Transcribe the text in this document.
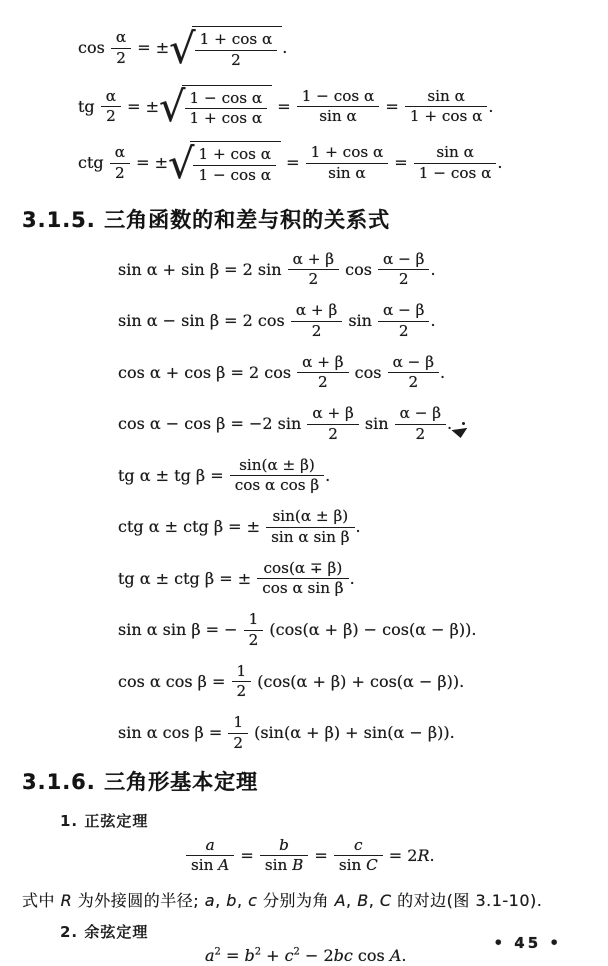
$\cos \frac{\alpha}{2}$ = ± √ $\frac{\text{1 + cos α}}{2}$ .
tg $\frac{\alpha}{2}$ = ± √ $\frac{\text{1 − cos α}}{\text{1 + cos α}} = \frac{\text{1 − cos α}}{\text{sin α}} = \frac{\text{sin α}}{\text{1 + cos α}}$ .
ctg $\frac{\alpha}{2}$ = ± √ $\frac{\text{1 + cos α}}{\text{1 − cos α}} = \frac{\text{1 + cos α}}{\text{sin α}} = \frac{\text{sin α}}{\text{1 − cos α}}$ .
3.1.5. 三角函数的和差与积的关系式
sin α + sin β = 2 $\sin \frac{\alpha + \beta}{2}$ $\cos \frac{\alpha - \beta}{2}$ .
sin α − sin β = 2 $\cos \frac{\alpha + \beta}{2}$ $\sin \frac{\alpha - \beta}{2}$ .
cos α + cos β = 2 $\cos \frac{\alpha + \beta}{2}$ $\cos \frac{\alpha - \beta}{2}$ .
cos α − cos β = −2 $\sin \frac{\alpha + \beta}{2}$ $\sin \frac{\alpha - \beta}{2}$ .
tg α ± tg $\beta = \frac{\sin(\alpha \pm \beta)}{\text{cos α cos β}}$ .
ctg α ± ctg β = ± $\frac{\sin(\alpha \pm \beta)}{\text{sin α sin β}}$ .
tg α ± ctg β = ± $\frac{\cos(\alpha \mp \beta)}{\text{cos α sin β}}$ .
sin α sin β = − $\frac{1}{2} (\cos(\alpha + \beta) - \cos(\alpha - \beta))$.
cos α $\cos \beta = \frac{1}{2} (\cos(\alpha + \beta) + \cos(\alpha - \beta))$.
sin α $\cos \beta = \frac{1}{2} (\sin(\alpha + \beta) + \sin(\alpha - \beta))$.
3.1.6. 三角形基本定理
1. 正弦定理
$\frac{a}{\text{sin A}} = \frac{b}{\text{sin B}} = \frac{c}{\text{sin C}} = 2R$.
式中 R 为外接圆的半径; a, b, c 分别为角 A, B, C 的对边(图 3.1-10).
2. 余弦定理
$a^2 = b^2 + c^2 - 2bc$ cos A.
• 45 •
